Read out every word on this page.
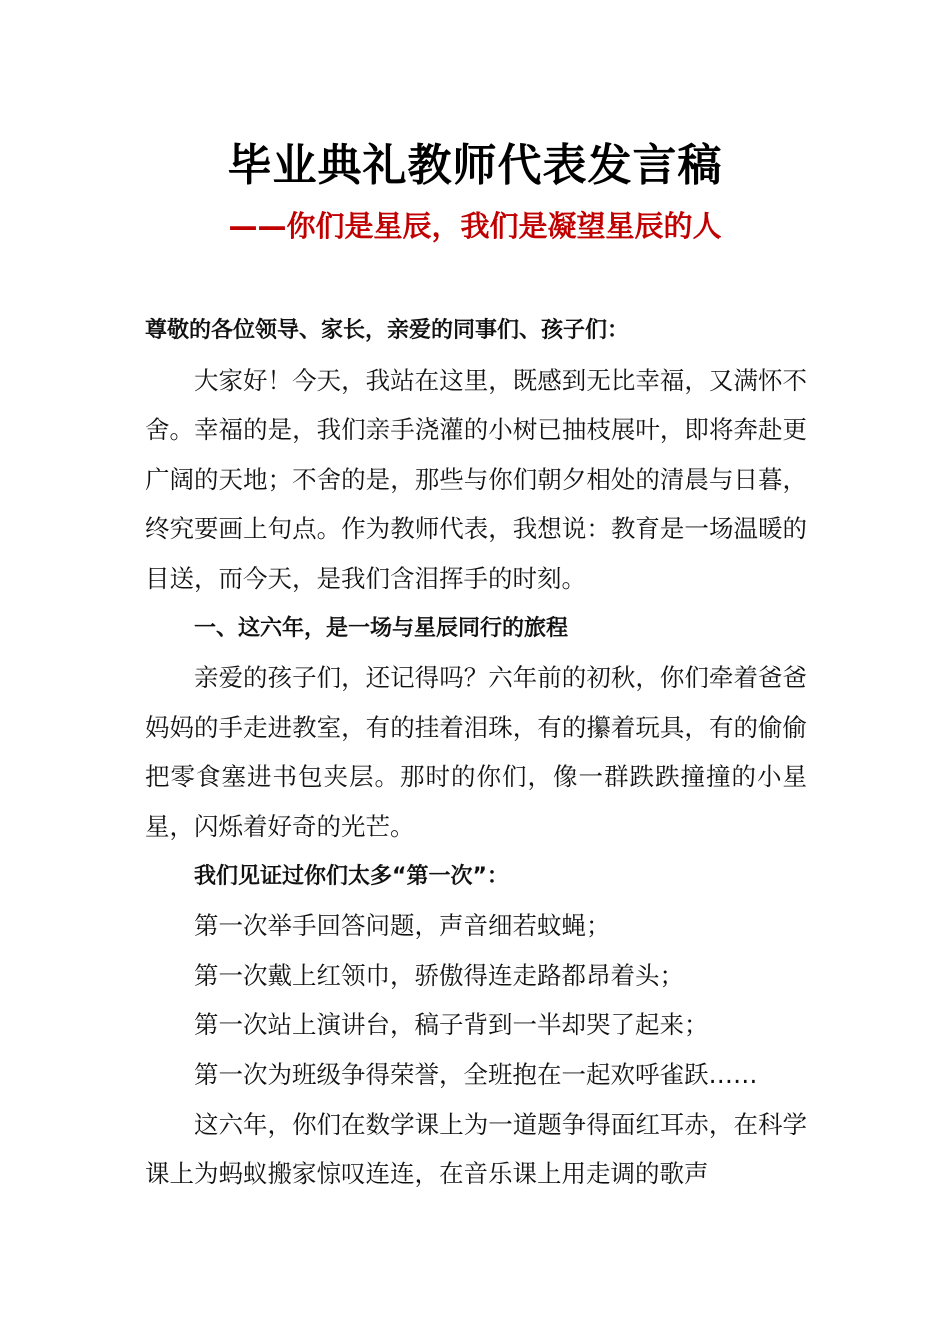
毕业典礼教师代表发言稿
——你们是星辰，我们是凝望星辰的人

尊敬的各位领导、家长，亲爱的同事们、孩子们：

大家好！今天，我站在这里，既感到无比幸福，又满怀不舍。幸福的是，我们亲手浇灌的小树已抽枝展叶，即将奔赴更广阔的天地；不舍的是，那些与你们朝夕相处的清晨与日暮，终究要画上句点。作为教师代表，我想说：教育是一场温暖的目送，而今天，是我们含泪挥手的时刻。

一、这六年，是一场与星辰同行的旅程

亲爱的孩子们，还记得吗？六年前的初秋，你们牵着爸爸妈妈的手走进教室，有的挂着泪珠，有的攥着玩具，有的偷偷把零食塞进书包夹层。那时的你们，像一群跌跌撞撞的小星星，闪烁着好奇的光芒。

我们见证过你们太多“第一次”：

第一次举手回答问题，声音细若蚊蝇；

第一次戴上红领巾，骄傲得连走路都昂着头；

第一次站上演讲台，稿子背到一半却哭了起来；

第一次为班级争得荣誉，全班抱在一起欢呼雀跃……

这六年，你们在数学课上为一道题争得面红耳赤，在科学课上为蚂蚁搬家惊叹连连，在音乐课上用走调的歌声
